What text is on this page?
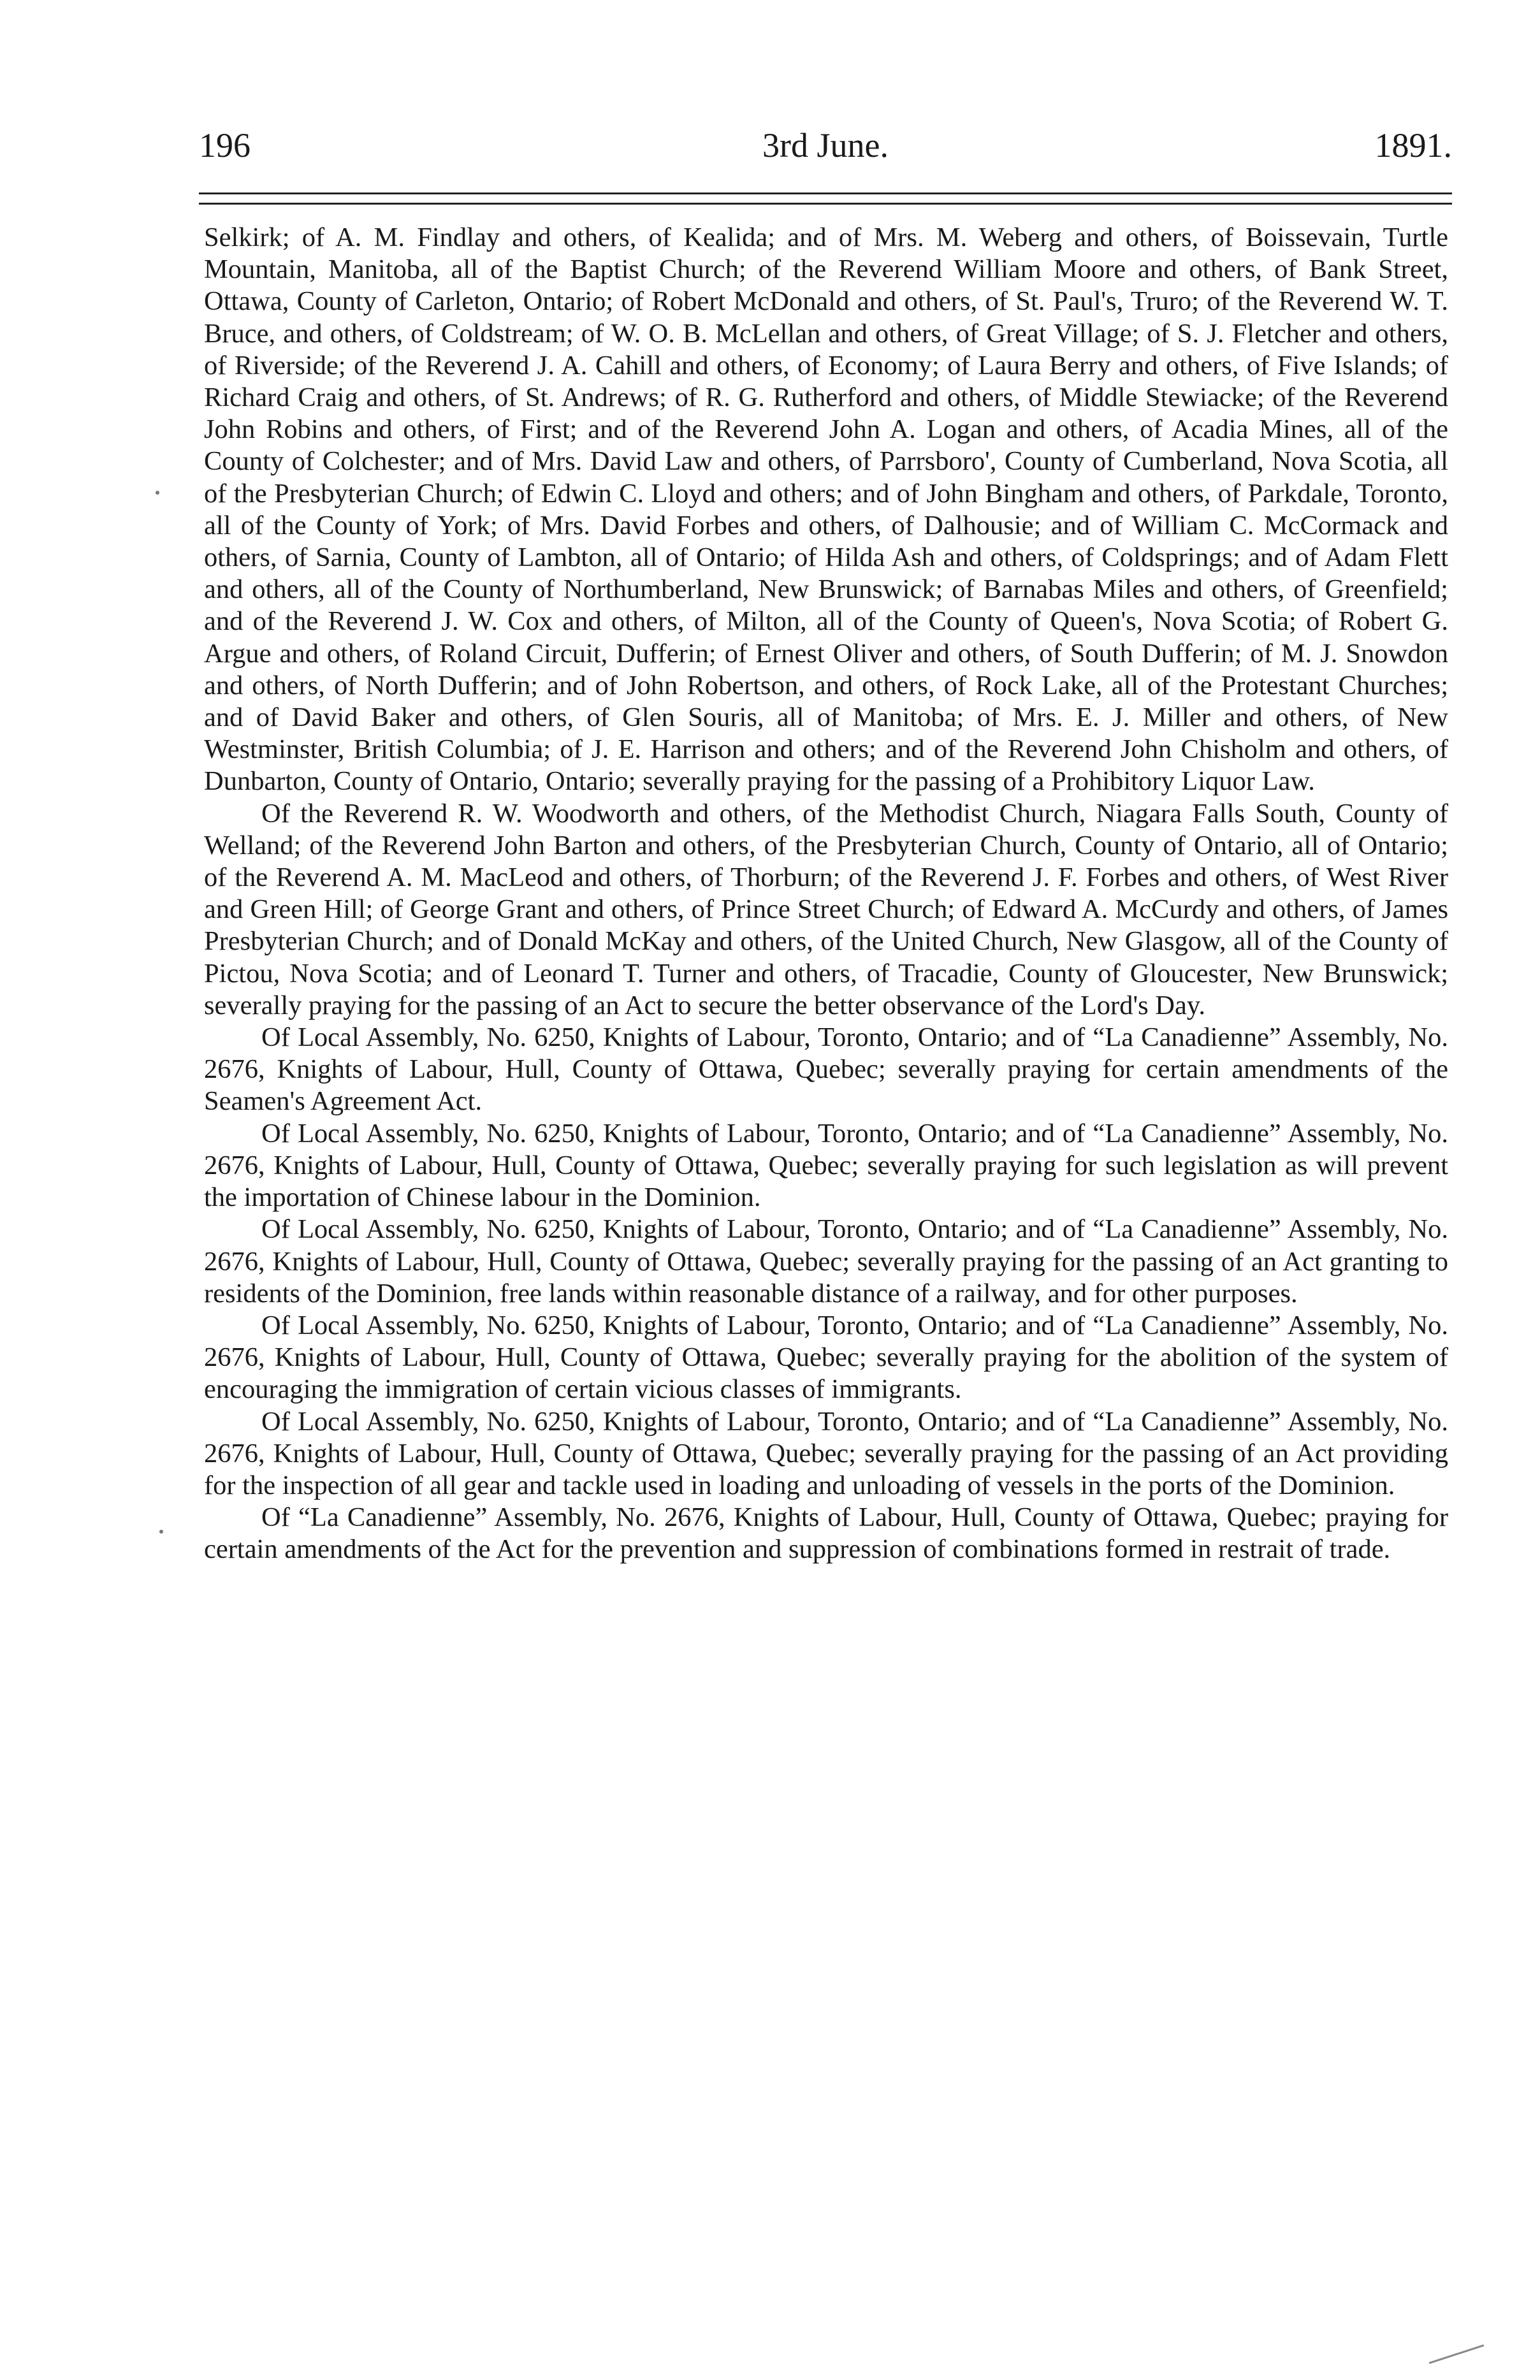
196	3rd June.	1891.

Selkirk; of A. M. Findlay and others, of Kealida; and of Mrs. M. Weberg and others, of Boissevain, Turtle Mountain, Manitoba, all of the Baptist Church; of the Reverend William Moore and others, of Bank Street, Ottawa, County of Carleton, Ontario; of Robert McDonald and others, of St. Paul's, Truro; of the Reverend W. T. Bruce, and others, of Coldstream; of W. O. B. McLellan and others, of Great Village; of S. J. Fletcher and others, of Riverside; of the Reverend J. A. Cahill and others, of Economy; of Laura Berry and others, of Five Islands; of Richard Craig and others, of St. Andrews; of R. G. Rutherford and others, of Middle Stewiacke; of the Reverend John Robins and others, of First; and of the Reverend John A. Logan and others, of Acadia Mines, all of the County of Colchester; and of Mrs. David Law and others, of Parrsboro', County of Cumberland, Nova Scotia, all of the Presbyterian Church; of Edwin C. Lloyd and others; and of John Bingham and others, of Parkdale, Toronto, all of the County of York; of Mrs. David Forbes and others, of Dalhousie; and of William C. McCormack and others, of Sarnia, County of Lambton, all of Ontario; of Hilda Ash and others, of Coldsprings; and of Adam Flett and others, all of the County of Northumberland, New Brunswick; of Barnabas Miles and others, of Greenfield; and of the Reverend J. W. Cox and others, of Milton, all of the County of Queen's, Nova Scotia; of Robert G. Argue and others, of Roland Circuit, Dufferin; of Ernest Oliver and others, of South Dufferin; of M. J. Snowdon and others, of North Dufferin; and of John Robertson, and others, of Rock Lake, all of the Protestant Churches; and of David Baker and others, of Glen Souris, all of Manitoba; of Mrs. E. J. Miller and others, of New Westminster, British Columbia; of J. E. Harrison and others; and of the Reverend John Chisholm and others, of Dunbarton, County of Ontario, Ontario; severally praying for the passing of a Prohibitory Liquor Law.

Of the Reverend R. W. Woodworth and others, of the Methodist Church, Niagara Falls South, County of Welland; of the Reverend John Barton and others, of the Presbyterian Church, County of Ontario, all of Ontario; of the Reverend A. M. MacLeod and others, of Thorburn; of the Reverend J. F. Forbes and others, of West River and Green Hill; of George Grant and others, of Prince Street Church; of Edward A. McCurdy and others, of James Presbyterian Church; and of Donald McKay and others, of the United Church, New Glasgow, all of the County of Pictou, Nova Scotia; and of Leonard T. Turner and others, of Tracadie, County of Gloucester, New Brunswick; severally praying for the passing of an Act to secure the better observance of the Lord's Day.

Of Local Assembly, No. 6250, Knights of Labour, Toronto, Ontario; and of “La Canadienne” Assembly, No. 2676, Knights of Labour, Hull, County of Ottawa, Quebec; severally praying for certain amendments of the Seamen's Agreement Act.

Of Local Assembly, No. 6250, Knights of Labour, Toronto, Ontario; and of “La Canadienne” Assembly, No. 2676, Knights of Labour, Hull, County of Ottawa, Quebec; severally praying for such legislation as will prevent the importation of Chinese labour in the Dominion.

Of Local Assembly, No. 6250, Knights of Labour, Toronto, Ontario; and of “La Canadienne” Assembly, No. 2676, Knights of Labour, Hull, County of Ottawa, Quebec; severally praying for the passing of an Act granting to residents of the Dominion, free lands within reasonable distance of a railway, and for other purposes.

Of Local Assembly, No. 6250, Knights of Labour, Toronto, Ontario; and of “La Canadienne” Assembly, No. 2676, Knights of Labour, Hull, County of Ottawa, Quebec; severally praying for the abolition of the system of encouraging the immigration of certain vicious classes of immigrants.

Of Local Assembly, No. 6250, Knights of Labour, Toronto, Ontario; and of “La Canadienne” Assembly, No. 2676, Knights of Labour, Hull, County of Ottawa, Quebec; severally praying for the passing of an Act providing for the inspection of all gear and tackle used in loading and unloading of vessels in the ports of the Dominion.

Of “La Canadienne” Assembly, No. 2676, Knights of Labour, Hull, County of Ottawa, Quebec; praying for certain amendments of the Act for the prevention and suppression of combinations formed in restrait of trade.
